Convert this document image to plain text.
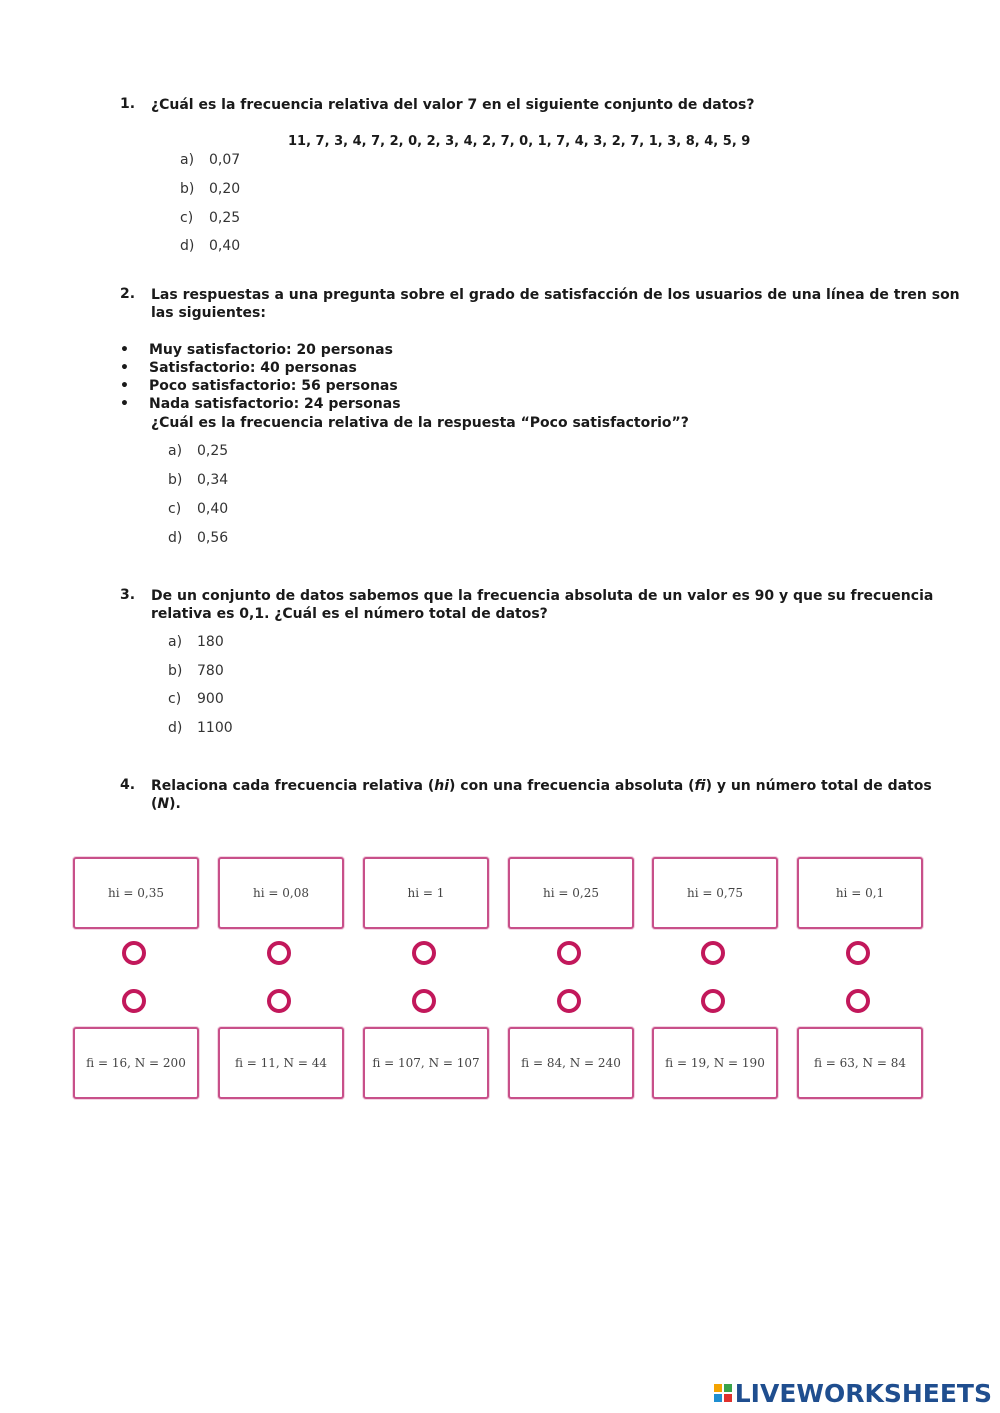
1. ¿Cuál es la frecuencia relativa del valor 7 en el siguiente conjunto de datos?
11, 7, 3, 4, 7, 2, 0, 2, 3, 4, 2, 7, 0, 1, 7, 4, 3, 2, 7, 1, 3, 8, 4, 5, 9
a) 0,07
b) 0,20
c) 0,25
d) 0,40
2. Las respuestas a una pregunta sobre el grado de satisfacción de los usuarios de una línea de tren son
las siguientes:
• Muy satisfactorio: 20 personas
• Satisfactorio: 40 personas
• Poco satisfactorio: 56 personas
• Nada satisfactorio: 24 personas
¿Cuál es la frecuencia relativa de la respuesta “Poco satisfactorio”?
a) 0,25
b) 0,34
c) 0,40
d) 0,56
3. De un conjunto de datos sabemos que la frecuencia absoluta de un valor es 90 y que su frecuencia
relativa es 0,1. ¿Cuál es el número total de datos?
a) 180
b) 780
c) 900
d) 1100
4. Relaciona cada frecuencia relativa (hi) con una frecuencia absoluta (fi) y un número total de datos
(N).
hi = 0,35	hi = 0,08	hi = 1	hi = 0,25	hi = 0,75	hi = 0,1
fi = 16, N = 200	fi = 11, N = 44	fi = 107, N = 107	fi = 84, N = 240	fi = 19, N = 190	fi = 63, N = 84
LIVEWORKSHEETS
